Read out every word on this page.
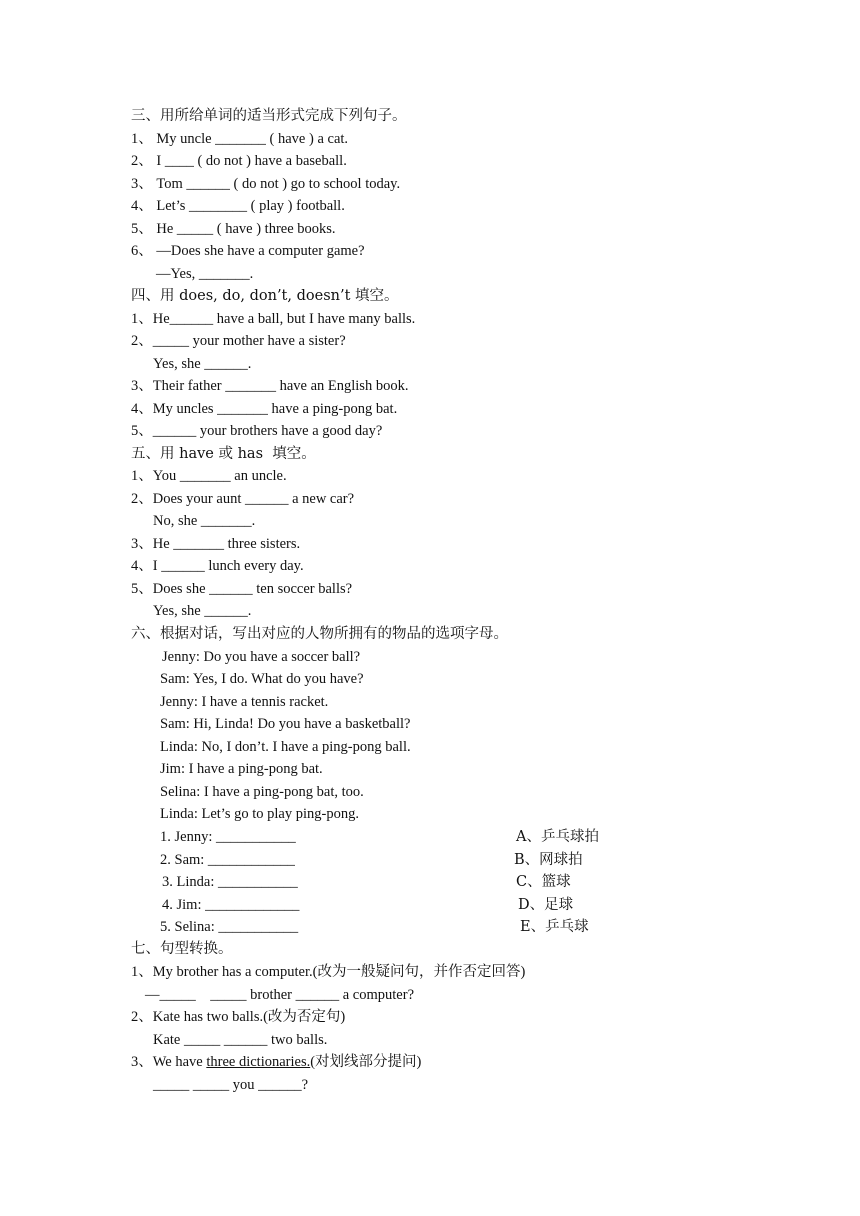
三、用所给单词的适当形式完成下列句子。
1、 My uncle _______ ( have ) a cat.
2、 I ____ ( do not ) have a baseball.
3、 Tom ______ ( do not ) go to school today.
4、 Let’s ________ ( play ) football.
5、 He _____ ( have ) three books.
6、 —Does she have a computer game?
—Yes, _______.
四、用 does, do, don’t, doesn’t 填空。
1、He______ have a ball, but I have many balls.
2、_____ your mother have a sister?
Yes, she ______.
3、Their father _______ have an English book.
4、My uncles _______ have a ping-pong bat.
5、______ your brothers have a good day?
五、用 have 或 has  填空。
1、You _______ an uncle.
2、Does your aunt ______ a new car?
No, she _______.
3、He _______ three sisters.
4、I ______ lunch every day.
5、Does she ______ ten soccer balls?
Yes, she ______.
六、根据对话，写出对应的人物所拥有的物品的选项字母。
Jenny: Do you have a soccer ball?
Sam: Yes, I do. What do you have?
Jenny: I have a tennis racket.
Sam: Hi, Linda! Do you have a basketball?
Linda: No, I don’t. I have a ping-pong ball.
Jim: I have a ping-pong bat.
Selina: I have a ping-pong bat, too.
Linda: Let’s go to play ping-pong.
1. Jenny: ___________
2. Sam: ____________
3. Linda: ___________
4. Jim: _____________
5. Selina: ___________
A、乒乓球拍
B、网球拍
C、篮球
D、足球
E、乒乓球
七、句型转换。
1、My brother has a computer.(改为一般疑问句，并作否定回答)
—_____    _____ brother ______ a computer?
2、Kate has two balls.(改为否定句)
Kate _____ ______ two balls.
3、We have three dictionaries.(对划线部分提问)
_____ _____ you ______?
